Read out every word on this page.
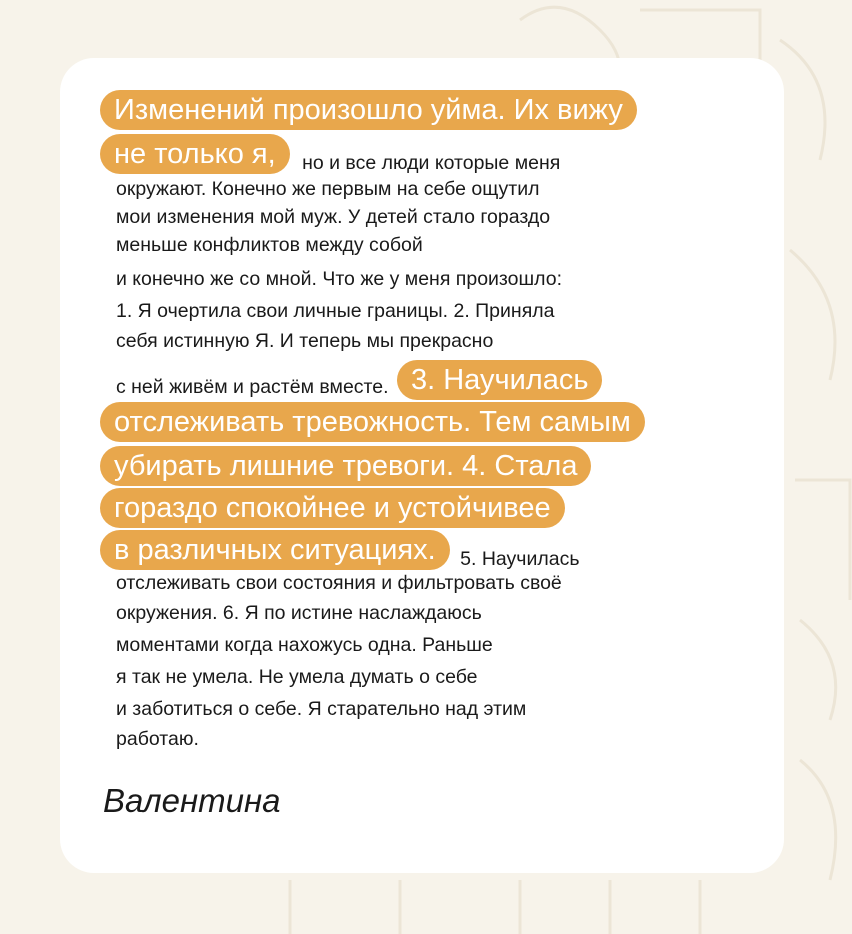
Изменений произошло уйма. Их вижу
не только я, но и все люди которые меня
окружают. Конечно же первым на себе ощутил
мои изменения мой муж. У детей стало гораздо
меньше конфликтов между собой
и конечно же со мной. Что же у меня произошло:
1. Я очертила свои личные границы. 2. Приняла
себя истинную Я. И теперь мы прекрасно
с ней живём и растём вместе. 3. Научилась
отслеживать тревожность. Тем самым
убирать лишние тревоги. 4. Стала
гораздо спокойнее и устойчивее
в различных ситуациях. 5. Научилась
отслеживать свои состояния и фильтровать своё
окружения. 6. Я по истине наслаждаюсь
моментами когда нахожусь одна. Раньше
я так не умела. Не умела думать о себе
и заботиться о себе. Я старательно над этим
работаю.
Валентина
